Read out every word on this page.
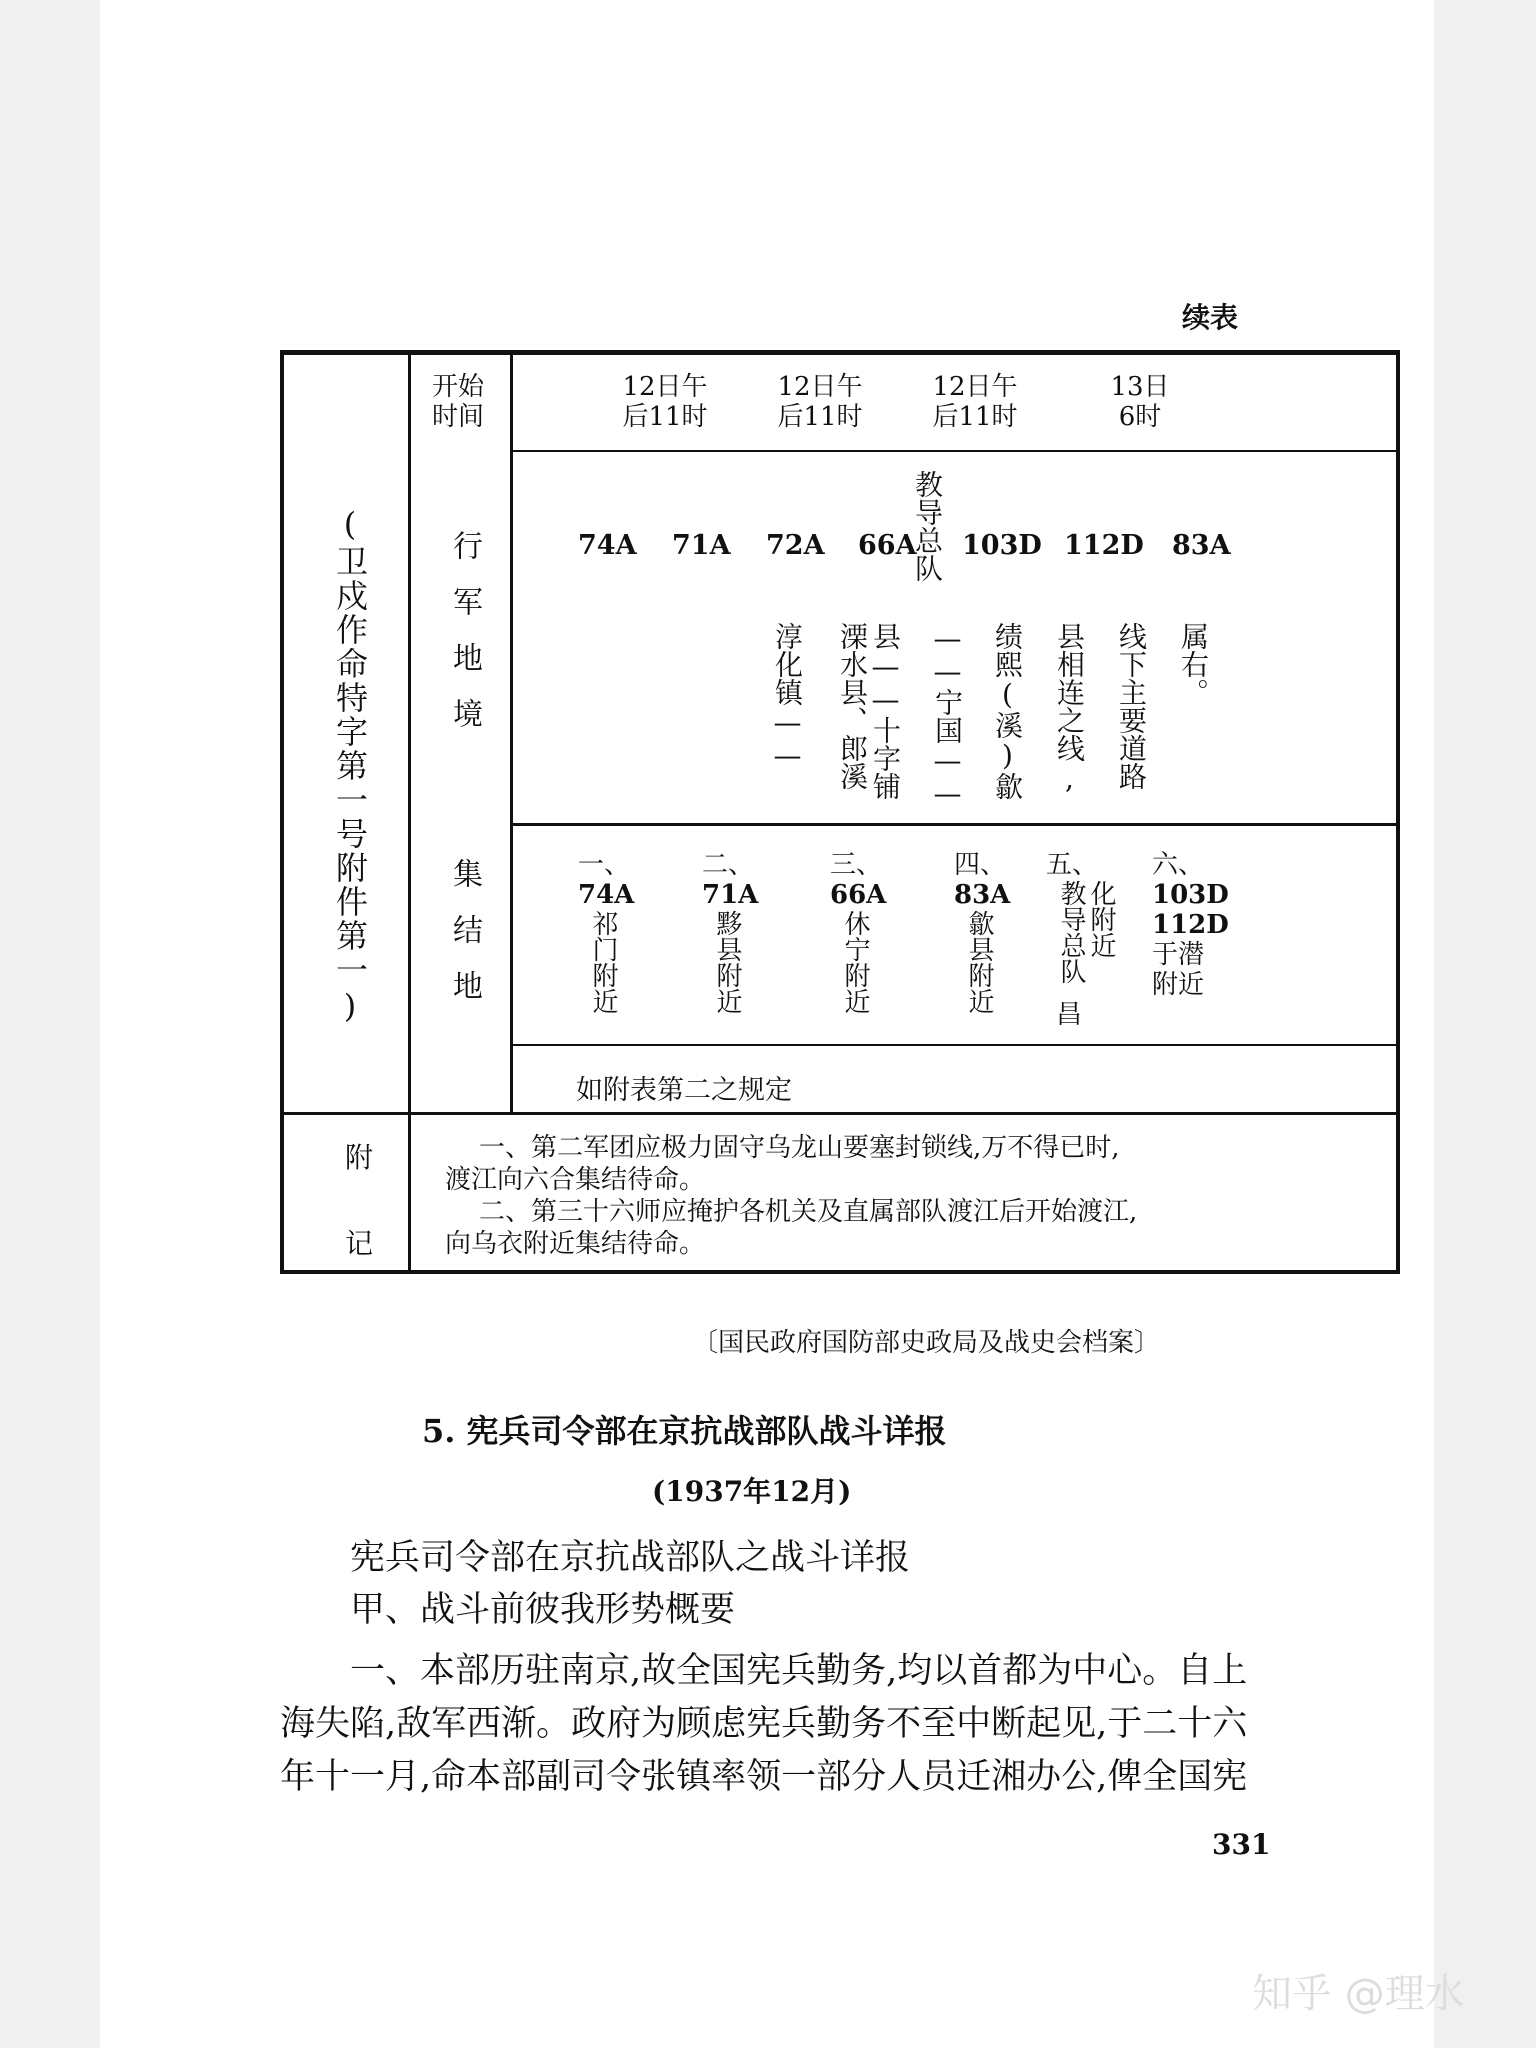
续表
(卫戍作命特字第一号附件第一)
开始
时间
12日午
后11时
12日午
后11时
12日午
后11时
13日
6时
行军地境
教导总队
74A 71A 72A 66A 103D 112D 83A
淳化镇—— 溧水县、郎溪 县——十字铺 ——宁国—— 绩熙(溪)歙 县相连之线, 线下主要道路 属右。
集结地	一、
74A
祁门附近
二、
71A
黟县附近
三、
66A
休宁附近
四、
83A
歙县附近
五、
化附近
教导总队
昌
六、
103D
112D
于潜附近
如附表第二之规定
附
记
一、第二军团应极力固守乌龙山要塞封锁线,万不得已时,
渡江向六合集结待命。
二、第三十六师应掩护各机关及直属部队渡江后开始渡江,
向乌衣附近集结待命。
〔国民政府国防部史政局及战史会档案〕
5. 宪兵司令部在京抗战部队战斗详报
(1937年12月)
宪兵司令部在京抗战部队之战斗详报
甲、战斗前彼我形势概要
一、本部历驻南京,故全国宪兵勤务,均以首都为中心。自上
海失陷,敌军西渐。政府为顾虑宪兵勤务不至中断起见,于二十六
年十一月,命本部副司令张镇率领一部分人员迁湘办公,俾全国宪
331
知乎 @理水
